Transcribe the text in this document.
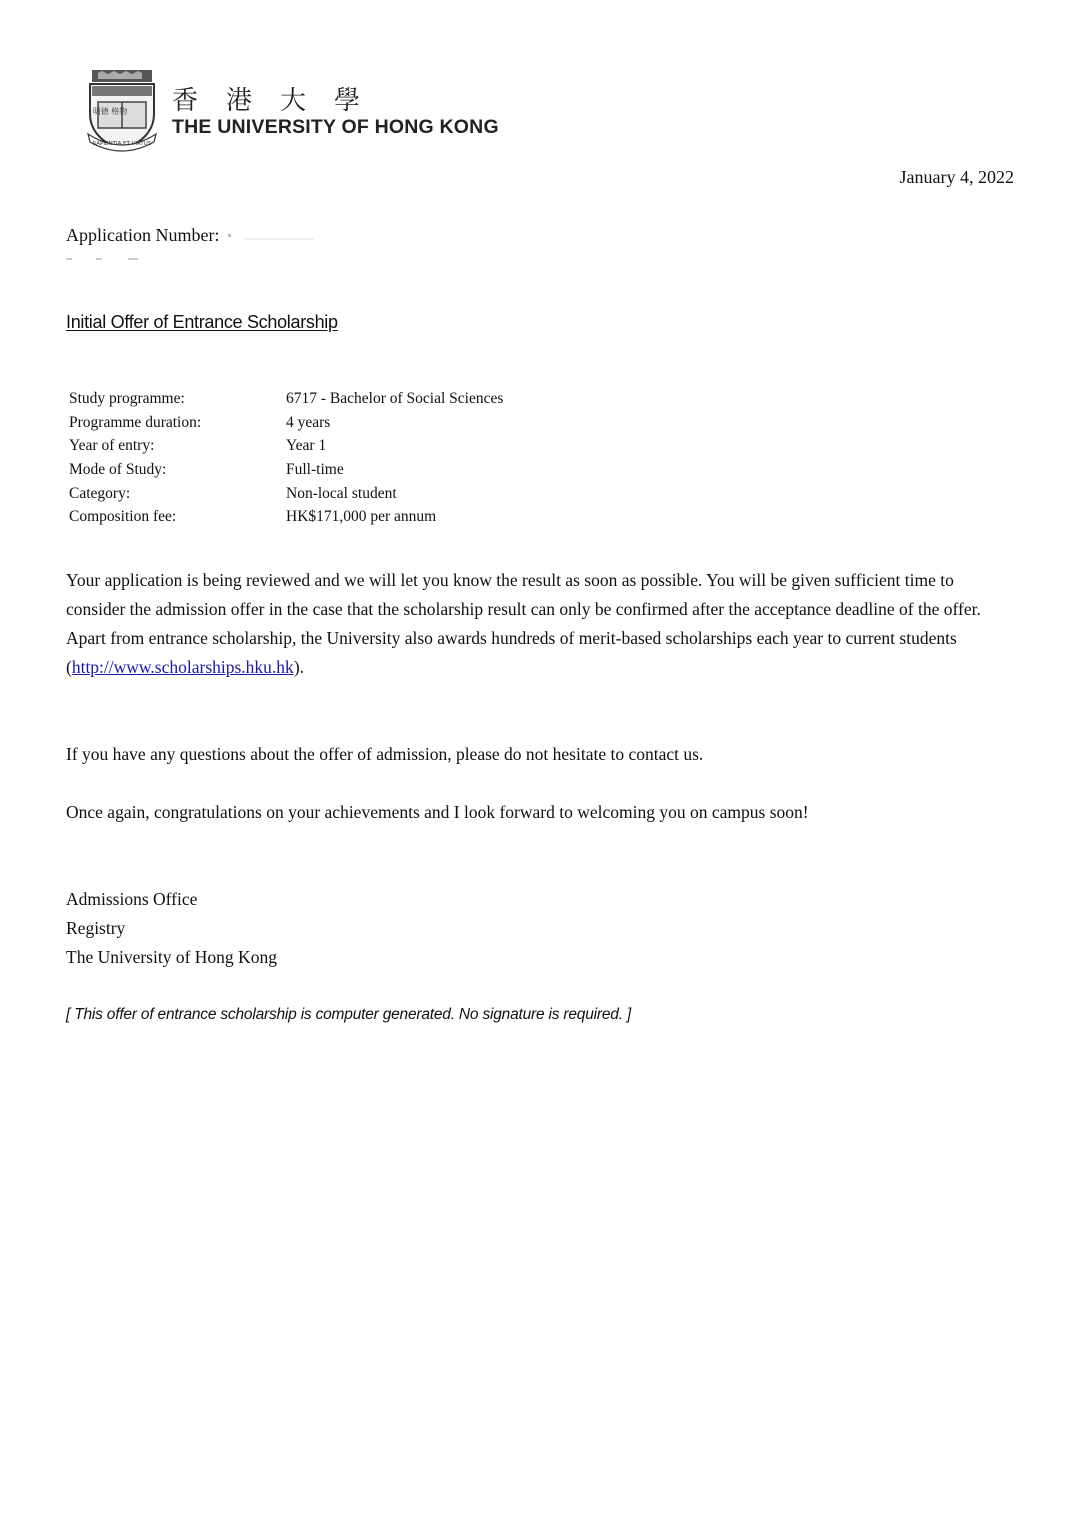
明德 格物
SAPIENTIA ET VIRTUS
香港大學
THE UNIVERSITY OF HONG KONG
January 4, 2022
Application Number:
Initial Offer of Entrance Scholarship
Study programme:	6717 - Bachelor of Social Sciences
Programme duration:	4 years
Year of entry:	Year 1
Mode of Study:	Full-time
Category:	Non-local student
Composition fee:	HK$171,000 per annum

Your application is being reviewed and we will let you know the result as soon as possible. You will be given sufficient time to consider the admission offer in the case that the scholarship result can only be confirmed after the acceptance deadline of the offer. Apart from entrance scholarship, the University also awards hundreds of merit-based scholarships each year to current students (http://www.scholarships.hku.hk).

If you have any questions about the offer of admission, please do not hesitate to contact us.

Once again, congratulations on your achievements and I look forward to welcoming you on campus soon!

Admissions Office
Registry
The University of Hong Kong
[ This offer of entrance scholarship is computer generated. No signature is required. ]
